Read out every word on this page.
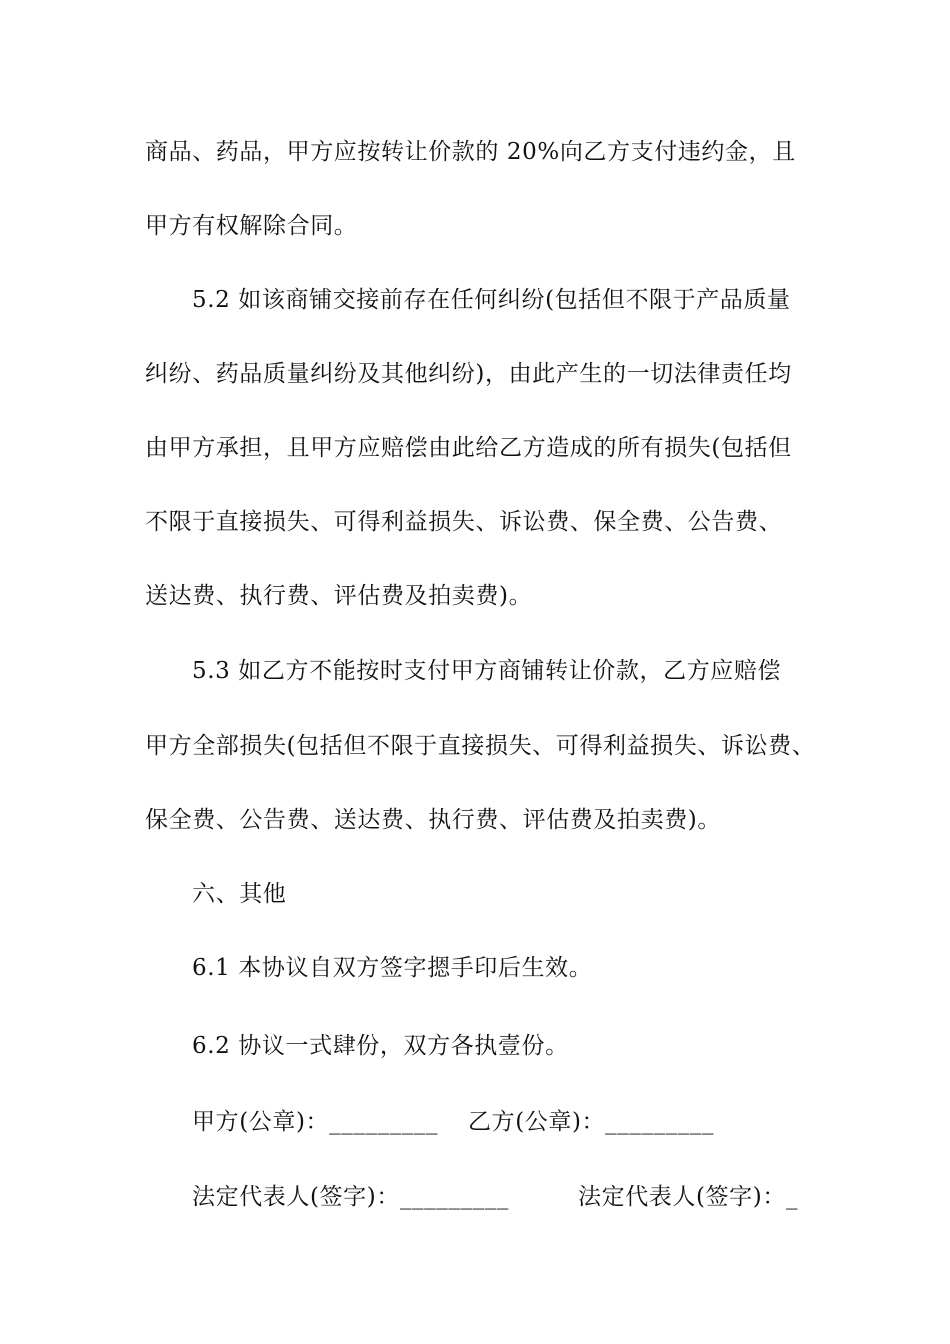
商品、药品，甲方应按转让价款的 20%向乙方支付违约金，且
甲方有权解除合同。
5.2 如该商铺交接前存在任何纠纷(包括但不限于产品质量
纠纷、药品质量纠纷及其他纠纷)，由此产生的一切法律责任均
由甲方承担，且甲方应赔偿由此给乙方造成的所有损失(包括但
不限于直接损失、可得利益损失、诉讼费、保全费、公告费、
送达费、执行费、评估费及拍卖费)。
5.3 如乙方不能按时支付甲方商铺转让价款，乙方应赔偿
甲方全部损失(包括但不限于直接损失、可得利益损失、诉讼费、
保全费、公告费、送达费、执行费、评估费及拍卖费)。
六、其他
6.1 本协议自双方签字摁手印后生效。
6.2 协议一式肆份，双方各执壹份。
甲方(公章)：_________ 乙方(公章)：_________
法定代表人(签字)：_________	法定代表人(签字)：_
